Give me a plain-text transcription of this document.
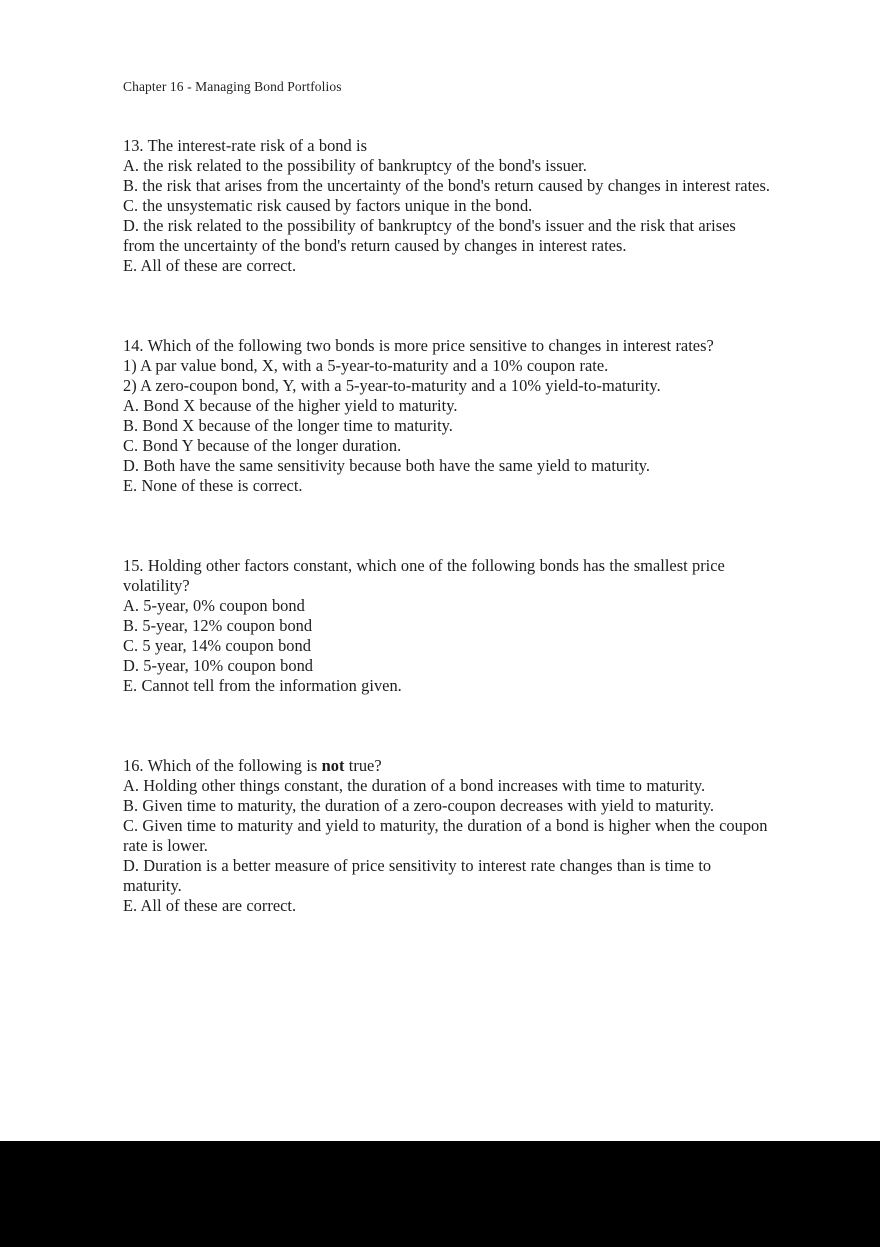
Chapter 16 - Managing Bond Portfolios
13. The interest-rate risk of a bond is
A. the risk related to the possibility of bankruptcy of the bond's issuer.
B. the risk that arises from the uncertainty of the bond's return caused by changes in interest rates.
C. the unsystematic risk caused by factors unique in the bond.
D. the risk related to the possibility of bankruptcy of the bond's issuer and the risk that arises from the uncertainty of the bond's return caused by changes in interest rates.
E. All of these are correct.
14. Which of the following two bonds is more price sensitive to changes in interest rates?
1) A par value bond, X, with a 5-year-to-maturity and a 10% coupon rate.
2) A zero-coupon bond, Y, with a 5-year-to-maturity and a 10% yield-to-maturity.
A. Bond X because of the higher yield to maturity.
B. Bond X because of the longer time to maturity.
C. Bond Y because of the longer duration.
D. Both have the same sensitivity because both have the same yield to maturity.
E. None of these is correct.
15. Holding other factors constant, which one of the following bonds has the smallest price volatility?
A. 5-year, 0% coupon bond
B. 5-year, 12% coupon bond
C. 5 year, 14% coupon bond
D. 5-year, 10% coupon bond
E. Cannot tell from the information given.
16. Which of the following is not true?
A. Holding other things constant, the duration of a bond increases with time to maturity.
B. Given time to maturity, the duration of a zero-coupon decreases with yield to maturity.
C. Given time to maturity and yield to maturity, the duration of a bond is higher when the coupon rate is lower.
D. Duration is a better measure of price sensitivity to interest rate changes than is time to maturity.
E. All of these are correct.
